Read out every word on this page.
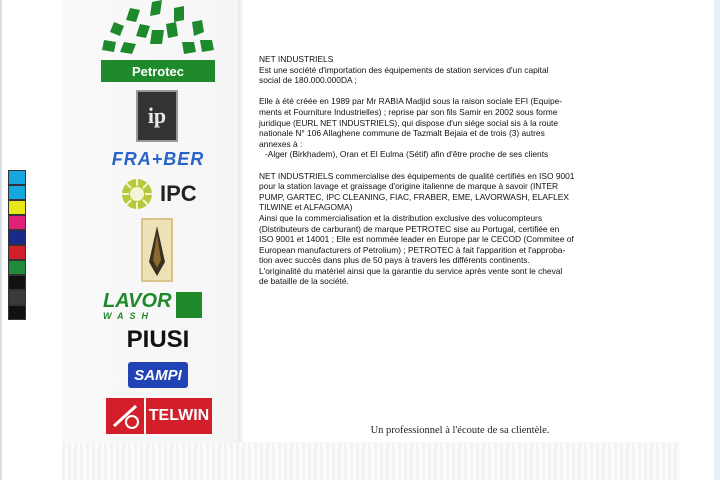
Petrotec
ip
FRA+BER
IPC
LAVOR
WASH
PIUSI
SAMPI
TELWIN

NET INDUSTRIELS
Est une société d'importation des équipements de station services d'un capital
social de 180.000.000DA ;

Elle à été créée en 1989 par Mr RABIA Madjid sous la raison sociale EFI (Equipe-
ments et Fourniture Industrielles) ; reprise par son fils Samir en 2002 sous forme
juridique (EURL NET INDUSTRIELS), qui dispose d'un siége social sis à la route
nationale N° 106 Allaghene commune de Tazmalt Bejaia et de trois (3) autres
annexes à :
-Alger (Birkhadem), Oran et El Eulma (Sétif) afin d'être proche de ses clients

NET INDUSTRIELS commercialise des équipements de qualité certifiés en ISO 9001
pour la station lavage et graissage d'origine italienne de marque à savoir (INTER
PUMP, GARTEC, IPC CLEANING, FIAC, FRABER, EME, LAVORWASH, ELAFLEX
TILWINE et ALFAGOMA)
Ainsi que la commercialisation et la distribution exclusive des volucompteurs
(Distributeurs de carburant) de marque PETROTEC sise au Portugal, certifiée en
ISO 9001 et 14001 ; Elle est nommée leader en Europe par le CECOD (Commitee of
European manufacturers of Petrolium) ; PETROTEC à fait l'apparition et l'approba-
tion avec succès dans plus de 50 pays à travers les différents continents.
L'originalité du matériel ainsi que la garantie du service après vente sont le cheval
de bataille de la société.

Un professionnel à l'écoute de sa clientèle.
